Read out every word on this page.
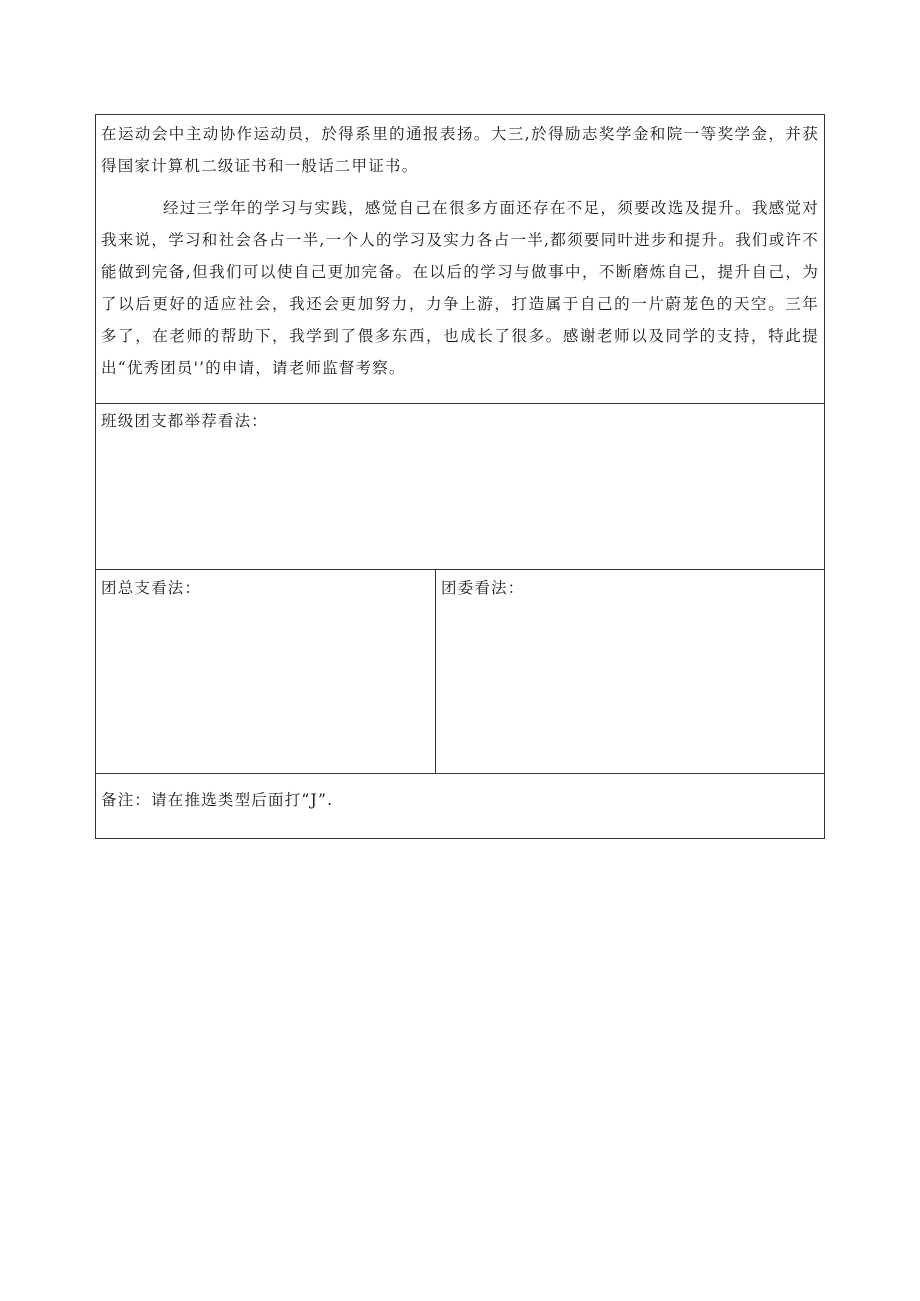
在运动会中主动协作运动员，於得系里的通报表扬。大三,於得励志奖学金和院一等奖学金，并获得国家计算机二级证书和一般话二甲证书。

经过三学年的学习与实践，感觉自己在很多方面还存在不足，须要改选及提升。我感觉对我来说，学习和社会各占一半,一个人的学习及实力各占一半,都须要同叶进步和提升。我们或许不能做到完备,但我们可以使自己更加完备。在以后的学习与做事中，不断磨炼自己，提升自己，为了以后更好的适应社会，我还会更加努力，力争上游，打造属于自己的一片蔚茏色的天空。三年多了，在老师的帮助下，我学到了偎多东西，也成长了很多。感谢老师以及同学的支持，特此提出“优秀团员'’的申请，请老师监督考察。

班级团支都举荐看法：

团总支看法：	团委看法：

备注：请在推选类型后面打“J”.
